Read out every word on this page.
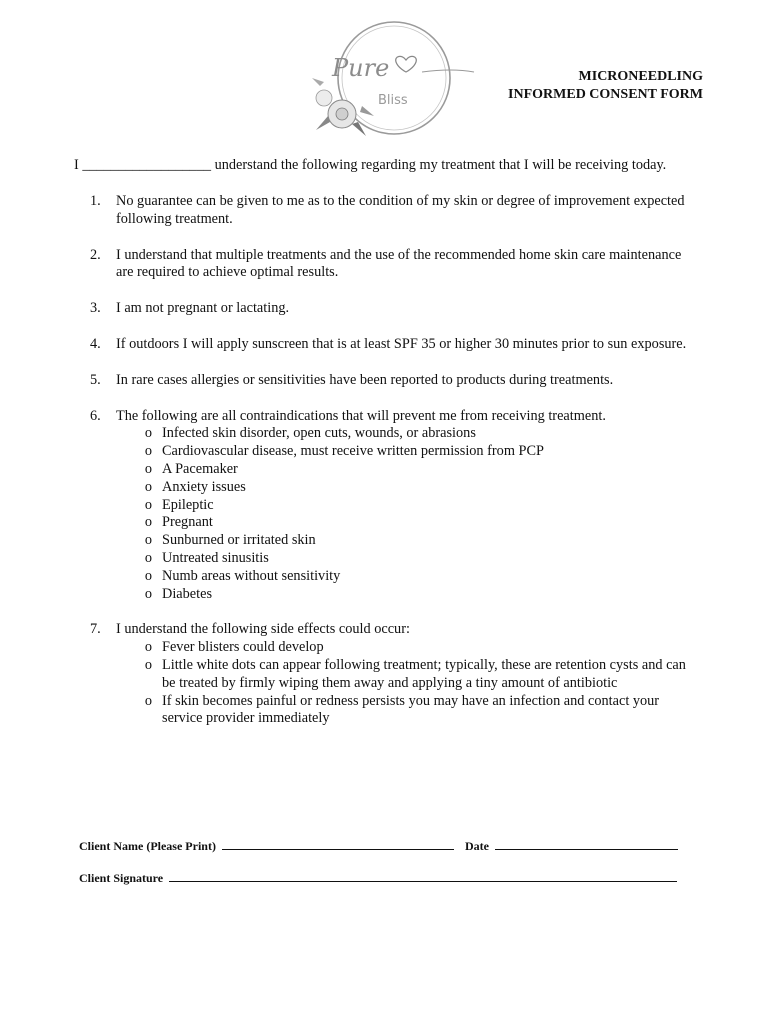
Pure
Bliss
MICRONEEDLING
INFORMED CONSENT FORM
I __________________ understand the following regarding my treatment that I will be receiving today.
1.	No guarantee can be given to me as to the condition of my skin or degree of improvement expected following treatment.
2.	I understand that multiple treatments and the use of the recommended home skin care maintenance are required to achieve optimal results.
3.	I am not pregnant or lactating.
4.	If outdoors I will apply sunscreen that is at least SPF 35 or higher 30 minutes prior to sun exposure.
5.	In rare cases allergies or sensitivities have been reported to products during treatments.
6.	The following are all contraindications that will prevent me from receiving treatment.
o Infected skin disorder, open cuts, wounds, or abrasions
o Cardiovascular disease, must receive written permission from PCP
o A Pacemaker
o Anxiety issues
o Epileptic
o Pregnant
o Sunburned or irritated skin
o Untreated sinusitis
o Numb areas without sensitivity
o Diabetes
7.	I understand the following side effects could occur:
o Fever blisters could develop
o Little white dots can appear following treatment; typically, these are retention cysts and can be treated by firmly wiping them away and applying a tiny amount of antibiotic
o If skin becomes painful or redness persists you may have an infection and contact your service provider immediately
Client Name (Please Print)	Date
Client Signature
